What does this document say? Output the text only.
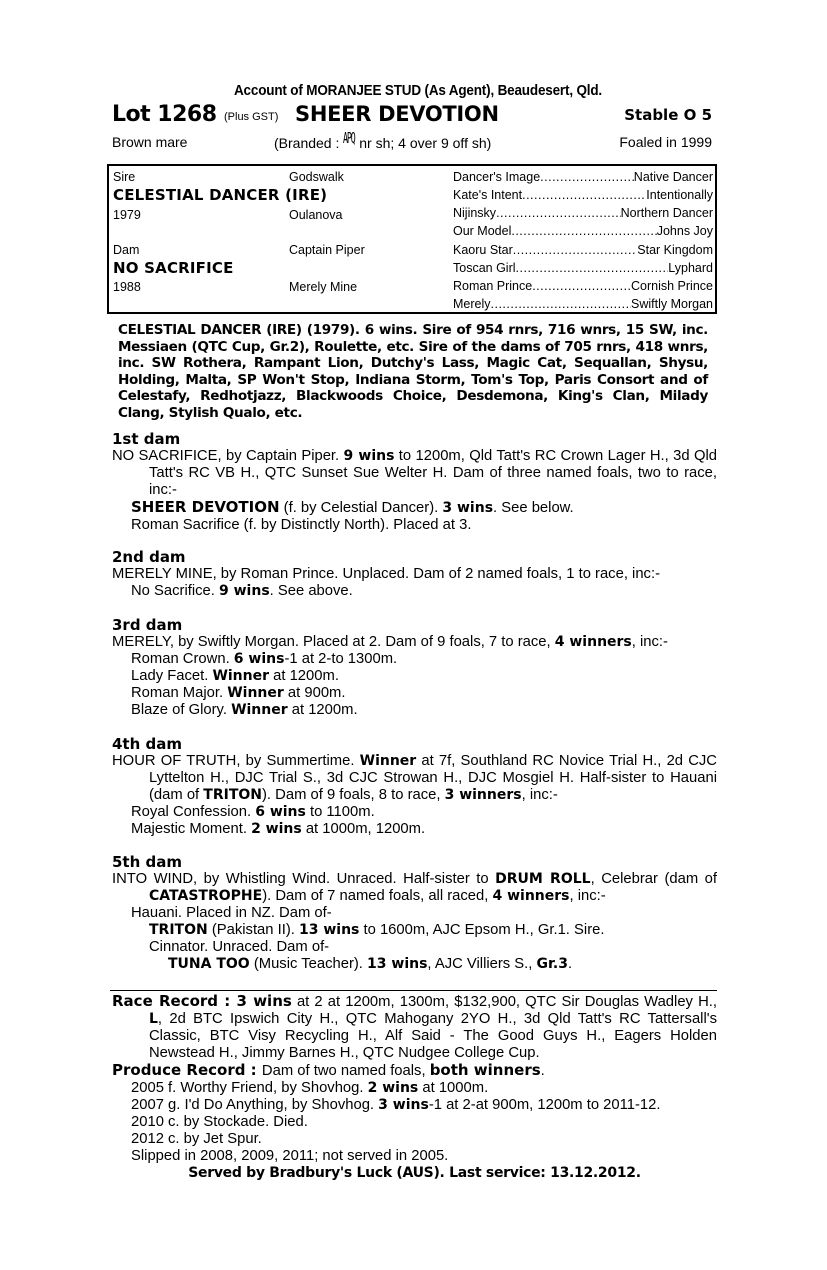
Account of MORANJEE STUD (As Agent), Beaudesert, Qld.
Lot 1268 (Plus GST) SHEER DEVOTION	Stable O 5
Brown mare	(Branded : APQ nr sh; 4 over 9 off sh)	Foaled in 1999
Sire	Godswalk
CELESTIAL DANCER (IRE)
1979	Oulanova
Dam	Captain Piper
NO SACRIFICE
1988	Merely Mine
Dancer's Image .....	Native Dancer
Kate's Intent .....	Intentionally
Nijinsky .....	Northern Dancer
Our Model .....	Johns Joy
Kaoru Star .....	Star Kingdom
Toscan Girl .....	Lyphard
Roman Prince .....	Cornish Prince
Merely .....	Swiftly Morgan
CELESTIAL DANCER (IRE) (1979). 6 wins. Sire of 954 rnrs, 716 wnrs, 15 SW, inc. Messiaen (QTC Cup, Gr.2), Roulette, etc. Sire of the dams of 705 rnrs, 418 wnrs, inc. SW Rothera, Rampant Lion, Dutchy's Lass, Magic Cat, Sequallan, Shysu, Holding, Malta, SP Won't Stop, Indiana Storm, Tom's Top, Paris Consort and of Celestafy, Redhotjazz, Blackwoods Choice, Desdemona, King's Clan, Milady Clang, Stylish Qualo, etc.
1st dam
NO SACRIFICE, by Captain Piper. 9 wins to 1200m, Qld Tatt's RC Crown Lager H., 3d Qld Tatt's RC VB H., QTC Sunset Sue Welter H. Dam of three named foals, two to race, inc:-
SHEER DEVOTION (f. by Celestial Dancer). 3 wins. See below.
Roman Sacrifice (f. by Distinctly North). Placed at 3.
2nd dam
MERELY MINE, by Roman Prince. Unplaced. Dam of 2 named foals, 1 to race, inc:-
No Sacrifice. 9 wins. See above.
3rd dam
MERELY, by Swiftly Morgan. Placed at 2. Dam of 9 foals, 7 to race, 4 winners, inc:-
Roman Crown. 6 wins-1 at 2-to 1300m.
Lady Facet. Winner at 1200m.
Roman Major. Winner at 900m.
Blaze of Glory. Winner at 1200m.
4th dam
HOUR OF TRUTH, by Summertime. Winner at 7f, Southland RC Novice Trial H., 2d CJC Lyttelton H., DJC Trial S., 3d CJC Strowan H., DJC Mosgiel H. Half-sister to Hauani (dam of TRITON). Dam of 9 foals, 8 to race, 3 winners, inc:-
Royal Confession. 6 wins to 1100m.
Majestic Moment. 2 wins at 1000m, 1200m.
5th dam
INTO WIND, by Whistling Wind. Unraced. Half-sister to DRUM ROLL, Celebrar (dam of CATASTROPHE). Dam of 7 named foals, all raced, 4 winners, inc:-
Hauani. Placed in NZ. Dam of-
TRITON (Pakistan II). 13 wins to 1600m, AJC Epsom H., Gr.1. Sire.
Cinnator. Unraced. Dam of-
TUNA TOO (Music Teacher). 13 wins, AJC Villiers S., Gr.3.
Race Record : 3 wins at 2 at 1200m, 1300m, $132,900, QTC Sir Douglas Wadley H., L, 2d BTC Ipswich City H., QTC Mahogany 2YO H., 3d Qld Tatt's RC Tattersall's Classic, BTC Visy Recycling H., Alf Said - The Good Guys H., Eagers Holden Newstead H., Jimmy Barnes H., QTC Nudgee College Cup.
Produce Record : Dam of two named foals, both winners.
2005 f. Worthy Friend, by Shovhog. 2 wins at 1000m.
2007 g. I'd Do Anything, by Shovhog. 3 wins-1 at 2-at 900m, 1200m to 2011-12.
2010 c. by Stockade. Died.
2012 c. by Jet Spur.
Slipped in 2008, 2009, 2011; not served in 2005.
Served by Bradbury's Luck (AUS). Last service: 13.12.2012.
